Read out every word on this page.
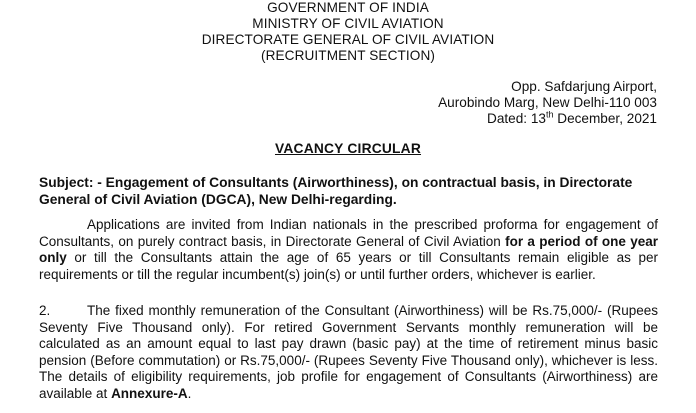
GOVERNMENT OF INDIA
MINISTRY OF CIVIL AVIATION
DIRECTORATE GENERAL OF CIVIL AVIATION
(RECRUITMENT SECTION)
Opp. Safdarjung Airport,
Aurobindo Marg, New Delhi-110 003
Dated: 13th December, 2021
VACANCY CIRCULAR
Subject: - Engagement of Consultants (Airworthiness), on contractual basis, in Directorate General of Civil Aviation (DGCA), New Delhi-regarding.
Applications are invited from Indian nationals in the prescribed proforma for engagement of Consultants, on purely contract basis, in Directorate General of Civil Aviation for a period of one year only or till the Consultants attain the age of 65 years or till Consultants remain eligible as per requirements or till the regular incumbent(s) join(s) or until further orders, whichever is earlier.
2.	The fixed monthly remuneration of the Consultant (Airworthiness) will be Rs.75,000/- (Rupees Seventy Five Thousand only). For retired Government Servants monthly remuneration will be calculated as an amount equal to last pay drawn (basic pay) at the time of retirement minus basic pension (Before commutation) or Rs.75,000/- (Rupees Seventy Five Thousand only), whichever is less. The details of eligibility requirements, job profile for engagement of Consultants (Airworthiness) are available at Annexure-A.
